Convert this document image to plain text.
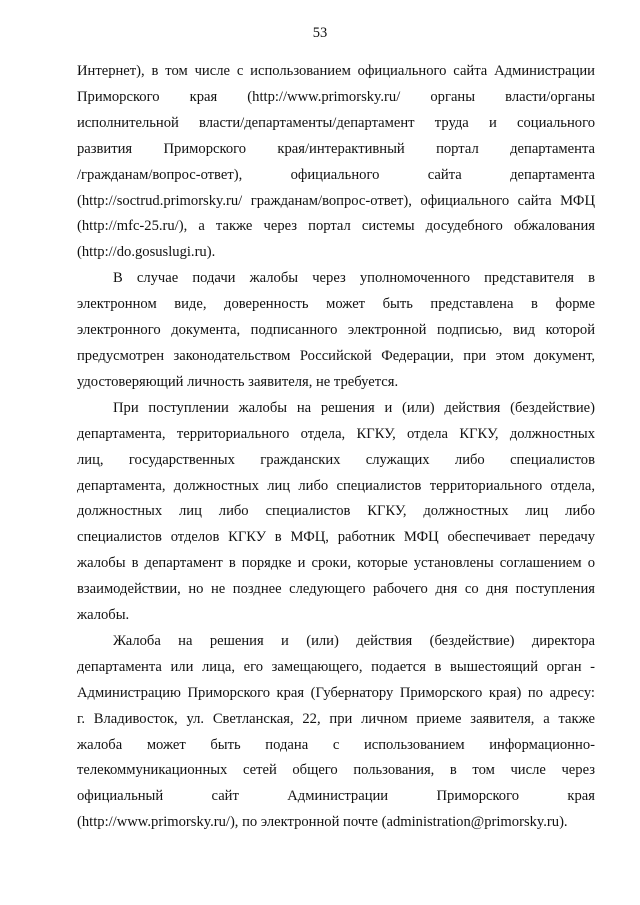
53

Интернет), в том числе с использованием официального сайта Администрации
Приморского края (http://www.primorsky.ru/ органы власти/органы
исполнительной власти/департаменты/департамент труда и социального
развития Приморского края/интерактивный портал департамента
/гражданам/вопрос-ответ), официального сайта департамента
(http://soctrud.primorsky.ru/ гражданам/вопрос-ответ), официального сайта МФЦ
(http://mfc-25.ru/), а также через портал системы досудебного обжалования
(http://do.gosuslugi.ru).

В случае подачи жалобы через уполномоченного представителя в
электронном виде, доверенность может быть представлена в форме
электронного документа, подписанного электронной подписью, вид которой
предусмотрен законодательством Российской Федерации, при этом документ,
удостоверяющий личность заявителя, не требуется.

При поступлении жалобы на решения и (или) действия (бездействие)
департамента, территориального отдела, КГКУ, отдела КГКУ, должностных
лиц, государственных гражданских служащих либо специалистов
департамента, должностных лиц либо специалистов территориального отдела,
должностных лиц либо специалистов КГКУ, должностных лиц либо
специалистов отделов КГКУ в МФЦ, работник МФЦ обеспечивает передачу
жалобы в департамент в порядке и сроки, которые установлены соглашением о
взаимодействии, но не позднее следующего рабочего дня со дня поступления
жалобы.

Жалоба на решения и (или) действия (бездействие) директора
департамента или лица, его замещающего, подается в вышестоящий орган -
Администрацию Приморского края (Губернатору Приморского края) по адресу:
г. Владивосток, ул. Светланская, 22, при личном приеме заявителя, а также
жалоба может быть подана с использованием информационно-
телекоммуникационных сетей общего пользования, в том числе через
официальный сайт Администрации Приморского края
(http://www.primorsky.ru/), по электронной почте (administration@primorsky.ru).
